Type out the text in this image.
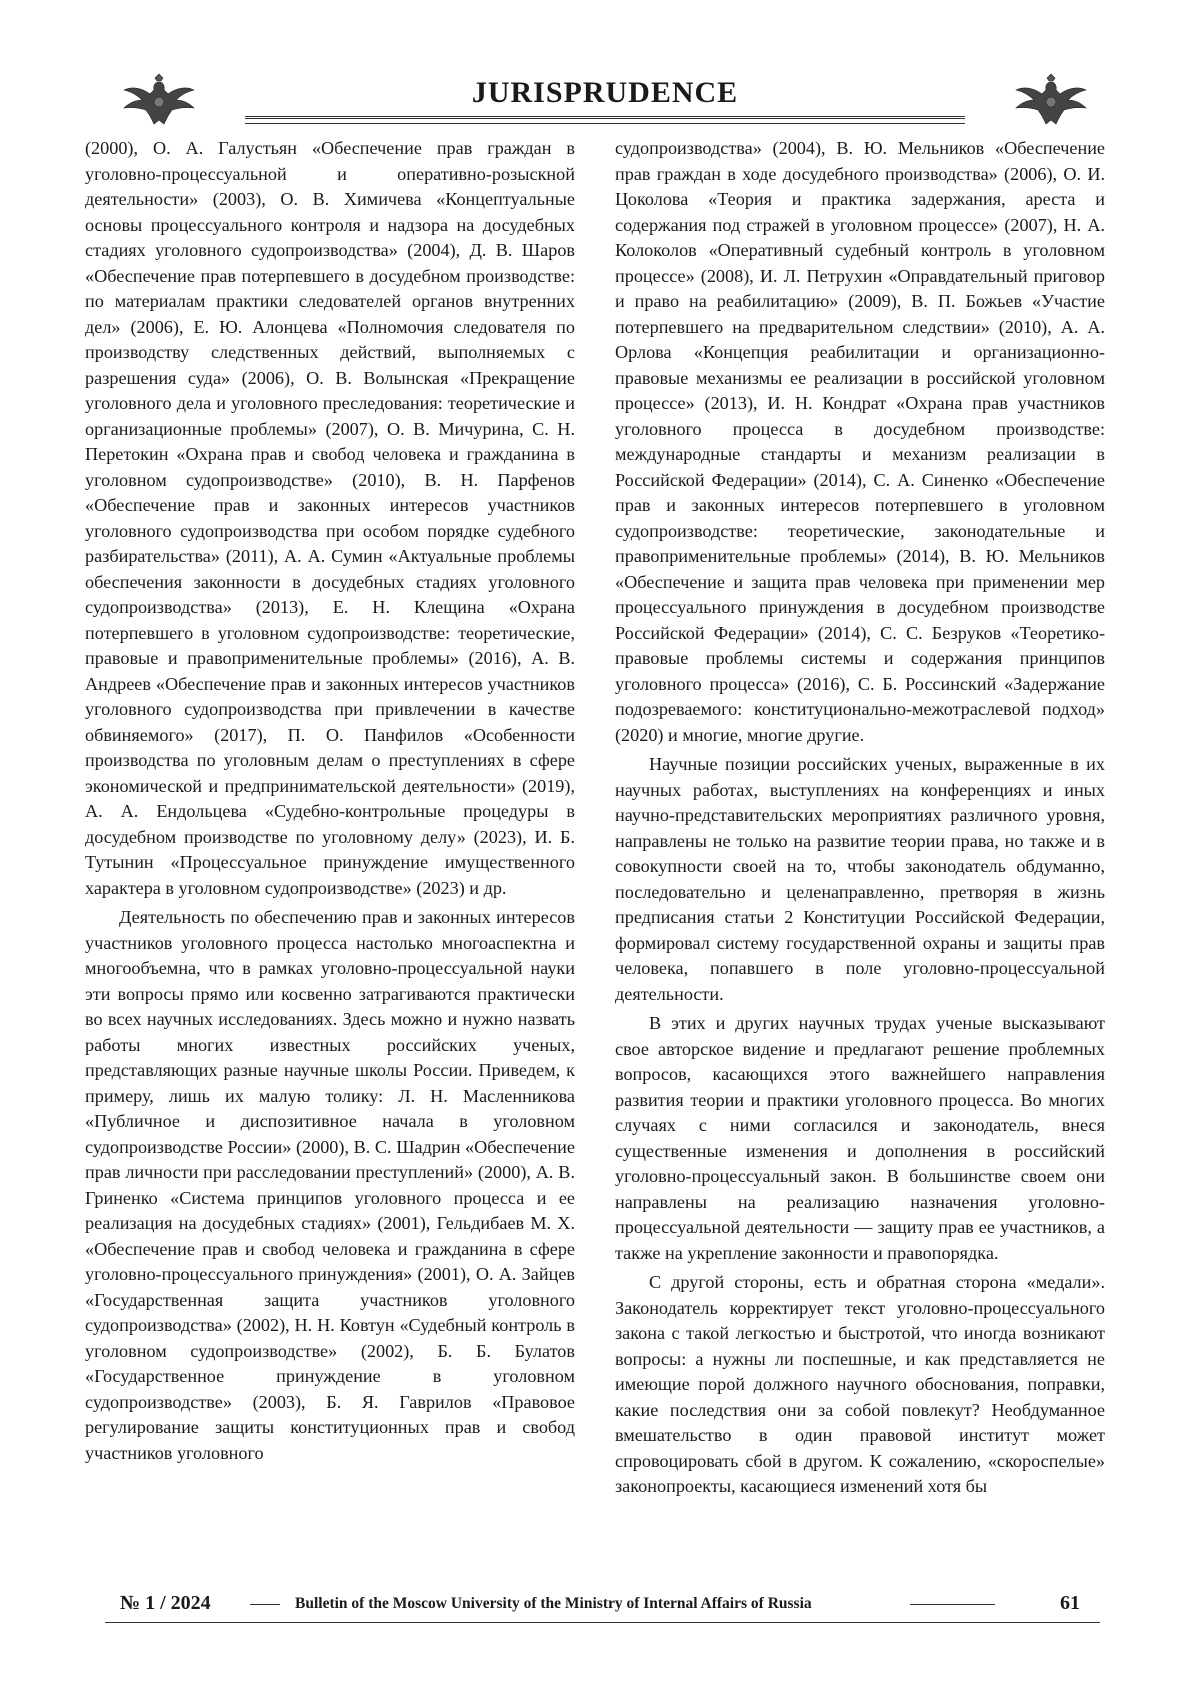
JURISPRUDENCE

(2000), О. А. Галустьян «Обеспечение прав граждан в уголовно-процессуальной и оперативно-розыскной деятельности» (2003), О. В. Химичева «Концептуальные основы процессуального контроля и надзора на досудебных стадиях уголовного судопроизводства» (2004), Д. В. Шаров «Обеспечение прав потерпевшего в досудебном производстве: по материалам практики следователей органов внутренних дел» (2006), Е. Ю. Алонцева «Полномочия следователя по производству следственных действий, выполняемых с разрешения суда» (2006), О. В. Волынская «Прекращение уголовного дела и уголовного преследования: теоретические и организационные проблемы» (2007), О. В. Мичурина, С. Н. Перетокин «Охрана прав и свобод человека и гражданина в уголовном судопроизводстве» (2010), В. Н. Парфенов «Обеспечение прав и законных интересов участников уголовного судопроизводства при особом порядке судебного разбирательства» (2011), А. А. Сумин «Актуальные проблемы обеспечения законности в досудебных стадиях уголовного судопроизводства» (2013), Е. Н. Клещина «Охрана потерпевшего в уголовном судопроизводстве: теоретические, правовые и правоприменительные проблемы» (2016), А. В. Андреев «Обеспечение прав и законных интересов участников уголовного судопроизводства при привлечении в качестве обвиняемого» (2017), П. О. Панфилов «Особенности производства по уголовным делам о преступлениях в сфере экономической и предпринимательской деятельности» (2019), А. А. Ендольцева «Судебно-контрольные процедуры в досудебном производстве по уголовному делу» (2023), И. Б. Тутынин «Процессуальное принуждение имущественного характера в уголовном судопроизводстве» (2023) и др.

Деятельность по обеспечению прав и законных интересов участников уголовного процесса настолько многоаспектна и многообъемна, что в рамках уголовно-процессуальной науки эти вопросы прямо или косвенно затрагиваются практически во всех научных исследованиях. Здесь можно и нужно назвать работы многих известных российских ученых, представляющих разные научные школы России. Приведем, к примеру, лишь их малую толику: Л. Н. Масленникова «Публичное и диспозитивное начала в уголовном судопроизводстве России» (2000), В. С. Шадрин «Обеспечение прав личности при расследовании преступлений» (2000), А. В. Гриненко «Система принципов уголовного процесса и ее реализация на досудебных стадиях» (2001), Гельдибаев М. Х. «Обеспечение прав и свобод человека и гражданина в сфере уголовно-процессуального принуждения» (2001), О. А. Зайцев «Государственная защита участников уголовного судопроизводства» (2002), Н. Н. Ковтун «Судебный контроль в уголовном судопроизводстве» (2002), Б. Б. Булатов «Государственное принуждение в уголовном судопроизводстве» (2003), Б. Я. Гаврилов «Правовое регулирование защиты конституционных прав и свобод участников уголовного

судопроизводства» (2004), В. Ю. Мельников «Обеспечение прав граждан в ходе досудебного производства» (2006), О. И. Цоколова «Теория и практика задержания, ареста и содержания под стражей в уголовном процессе» (2007), Н. А. Колоколов «Оперативный судебный контроль в уголовном процессе» (2008), И. Л. Петрухин «Оправдательный приговор и право на реабилитацию» (2009), В. П. Божьев «Участие потерпевшего на предварительном следствии» (2010), А. А. Орлова «Концепция реабилитации и организационно-правовые механизмы ее реализации в российской уголовном процессе» (2013), И. Н. Кондрат «Охрана прав участников уголовного процесса в досудебном производстве: международные стандарты и механизм реализации в Российской Федерации» (2014), С. А. Синенко «Обеспечение прав и законных интересов потерпевшего в уголовном судопроизводстве: теоретические, законодательные и правоприменительные проблемы» (2014), В. Ю. Мельников «Обеспечение и защита прав человека при применении мер процессуального принуждения в досудебном производстве Российской Федерации» (2014), С. С. Безруков «Теоретико-правовые проблемы системы и содержания принципов уголовного процесса» (2016), С. Б. Россинский «Задержание подозреваемого: конституционально-межотраслевой подход» (2020) и многие, многие другие.

Научные позиции российских ученых, выраженные в их научных работах, выступлениях на конференциях и иных научно-представительских мероприятиях различного уровня, направлены не только на развитие теории права, но также и в совокупности своей на то, чтобы законодатель обдуманно, последовательно и целенаправленно, претворяя в жизнь предписания статьи 2 Конституции Российской Федерации, формировал систему государственной охраны и защиты прав человека, попавшего в поле уголовно-процессуальной деятельности.

В этих и других научных трудах ученые высказывают свое авторское видение и предлагают решение проблемных вопросов, касающихся этого важнейшего направления развития теории и практики уголовного процесса. Во многих случаях с ними согласился и законодатель, внеся существенные изменения и дополнения в российский уголовно-процессуальный закон. В большинстве своем они направлены на реализацию назначения уголовно-процессуальной деятельности — защиту прав ее участников, а также на укрепление законности и правопорядка.

С другой стороны, есть и обратная сторона «медали». Законодатель корректирует текст уголовно-процессуального закона с такой легкостью и быстротой, что иногда возникают вопросы: а нужны ли поспешные, и как представляется не имеющие порой должного научного обоснования, поправки, какие последствия они за собой повлекут? Необдуманное вмешательство в один правовой институт может спровоцировать сбой в другом. К сожалению, «скороспелые» законопроекты, касающиеся изменений хотя бы

№ 1 / 2024	Bulletin of the Moscow University of the Ministry of Internal Affairs of Russia	61
